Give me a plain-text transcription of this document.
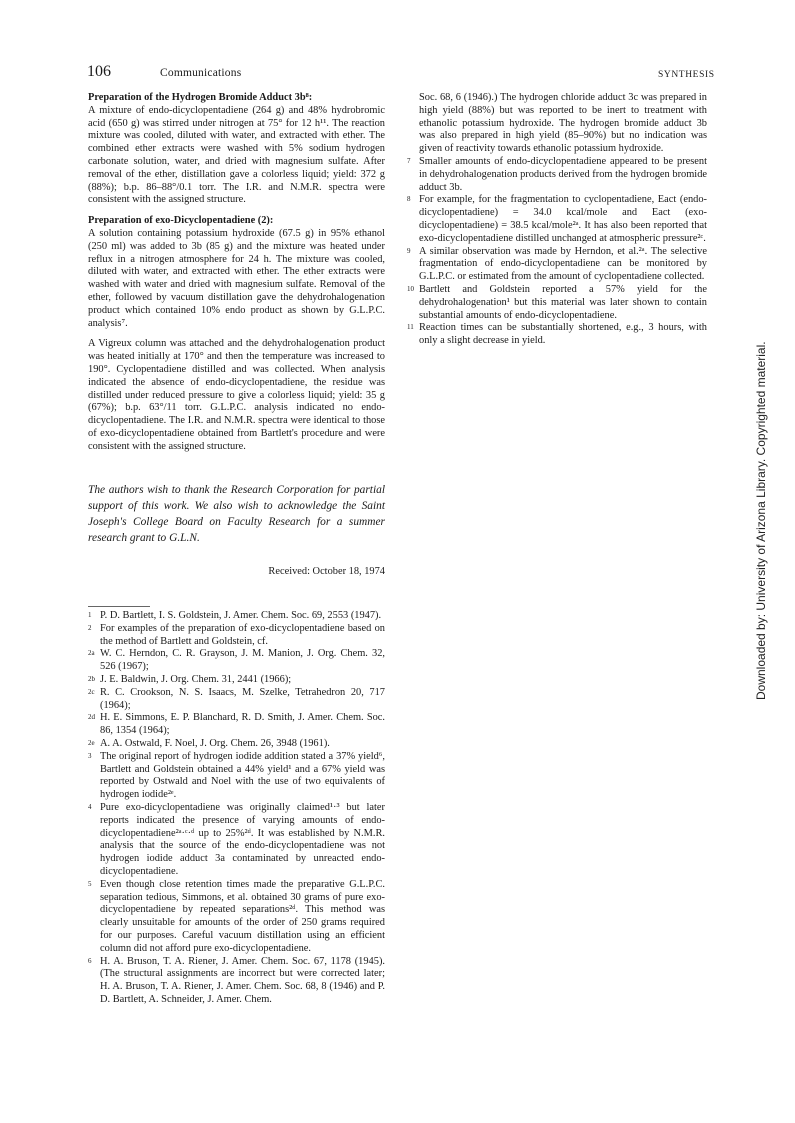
106	Communications	SYNTHESIS

Preparation of the Hydrogen Bromide Adduct 3b⁸:

A mixture of endo-dicyclopentadiene (264 g) and 48% hydrobromic acid (650 g) was stirred under nitrogen at 75° for 12 h¹¹. The reaction mixture was cooled, diluted with water, and extracted with ether. The combined ether extracts were washed with 5% sodium hydrogen carbonate solution, water, and dried with magnesium sulfate. After removal of the ether, distillation gave a colorless liquid; yield: 372 g (88%); b.p. 86–88°/0.1 torr. The I.R. and N.M.R. spectra were consistent with the assigned structure.

Preparation of exo-Dicyclopentadiene (2):

A solution containing potassium hydroxide (67.5 g) in 95% ethanol (250 ml) was added to 3b (85 g) and the mixture was heated under reflux in a nitrogen atmosphere for 24 h. The mixture was cooled, diluted with water, and extracted with ether. The ether extracts were washed with water and dried with magnesium sulfate. Removal of the ether, followed by vacuum distillation gave the dehydrohalogenation product which contained 10% endo product as shown by G.L.P.C. analysis⁷.

A Vigreux column was attached and the dehydrohalogenation product was heated initially at 170° and then the temperature was increased to 190°. Cyclopentadiene distilled and was collected. When analysis indicated the absence of endo-dicyclopentadiene, the residue was distilled under reduced pressure to give a colorless liquid; yield: 35 g (67%); b.p. 63°/11 torr. G.L.P.C. analysis indicated no endo-dicyclopentadiene. The I.R. and N.M.R. spectra were identical to those of exo-dicyclopentadiene obtained from Bartlett's procedure and were consistent with the assigned structure.

The authors wish to thank the Research Corporation for partial support of this work. We also wish to acknowledge the Saint Joseph's College Board on Faculty Research for a summer research grant to G.L.N.

Received: October 18, 1974

1 P. D. Bartlett, I. S. Goldstein, J. Amer. Chem. Soc. 69, 2553 (1947).

2 For examples of the preparation of exo-dicyclopentadiene based on the method of Bartlett and Goldstein, cf.

2a W. C. Herndon, C. R. Grayson, J. M. Manion, J. Org. Chem. 32, 526 (1967);

2b J. E. Baldwin, J. Org. Chem. 31, 2441 (1966);

2c R. C. Crookson, N. S. Isaacs, M. Szelke, Tetrahedron 20, 717 (1964);

2d H. E. Simmons, E. P. Blanchard, R. D. Smith, J. Amer. Chem. Soc. 86, 1354 (1964);

2e A. A. Ostwald, F. Noel, J. Org. Chem. 26, 3948 (1961).

3 The original report of hydrogen iodide addition stated a 37% yield⁶, Bartlett and Goldstein obtained a 44% yield¹ and a 67% yield was reported by Ostwald and Noel with the use of two equivalents of hydrogen iodide²ᵉ.

4 Pure exo-dicyclopentadiene was originally claimed¹·³ but later reports indicated the presence of varying amounts of endo-dicyclopentadiene²ᵃ·ᶜ·ᵈ up to 25%²ᵈ. It was established by N.M.R. analysis that the source of the endo-dicyclopentadiene was not hydrogen iodide adduct 3a contaminated by unreacted endo-dicyclopentadiene.

5 Even though close retention times made the preparative G.L.P.C. separation tedious, Simmons, et al. obtained 30 grams of pure exo-dicyclopentadiene by repeated separations²ᵈ. This method was clearly unsuitable for amounts of the order of 250 grams required for our purposes. Careful vacuum distillation using an efficient column did not afford pure exo-dicyclopentadiene.

6 H. A. Bruson, T. A. Riener, J. Amer. Chem. Soc. 67, 1178 (1945). (The structural assignments are incorrect but were corrected later; H. A. Bruson, T. A. Riener, J. Amer. Chem. Soc. 68, 8 (1946) and P. D. Bartlett, A. Schneider, J. Amer. Chem.

Soc. 68, 6 (1946).) The hydrogen chloride adduct 3c was prepared in high yield (88%) but was reported to be inert to treatment with ethanolic potassium hydroxide. The hydrogen bromide adduct 3b was also prepared in high yield (85–90%) but no indication was given of reactivity towards ethanolic potassium hydroxide.

7 Smaller amounts of endo-dicyclopentadiene appeared to be present in dehydrohalogenation products derived from the hydrogen bromide adduct 3b.

8 For example, for the fragmentation to cyclopentadiene, Eact (endo-dicyclopentadiene) = 34.0 kcal/mole and Eact (exo-dicyclopentadiene) = 38.5 kcal/mole²ᵃ. It has also been reported that exo-dicyclopentadiene distilled unchanged at atmospheric pressure²ᶜ.

9 A similar observation was made by Herndon, et al.²ᵃ. The selective fragmentation of endo-dicyclopentadiene can be monitored by G.L.P.C. or estimated from the amount of cyclopentadiene collected.

10 Bartlett and Goldstein reported a 57% yield for the dehydrohalogenation¹ but this material was later shown to contain substantial amounts of endo-dicyclopentadiene.

11 Reaction times can be substantially shortened, e.g., 3 hours, with only a slight decrease in yield.

Downloaded by: University of Arizona Library. Copyrighted material.
